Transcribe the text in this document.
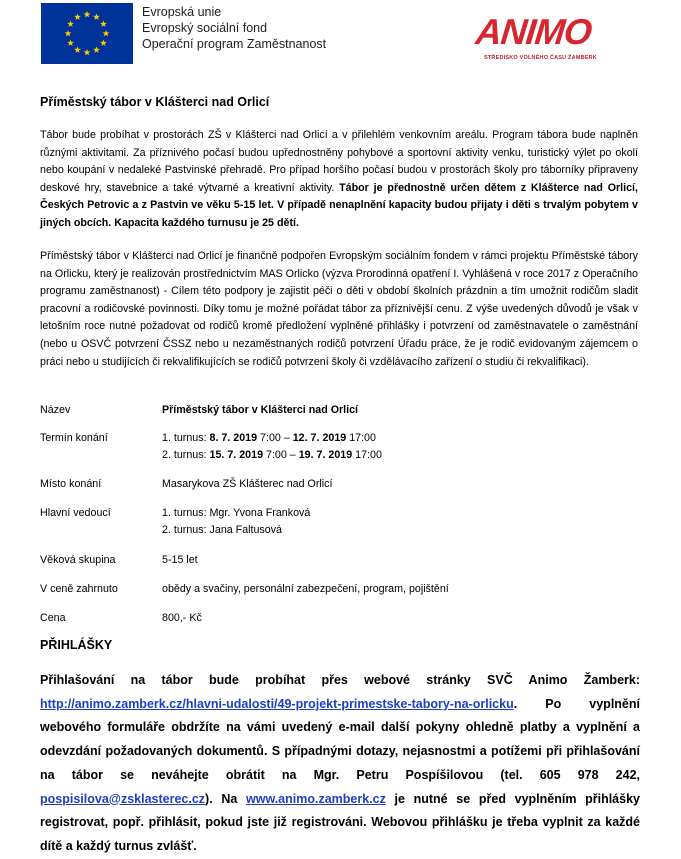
Evropská unie
Evropský sociální fond
Operační program Zaměstnanost	ANIMO
STŘEDISKO VOLNÉHO ČASU ŽAMBERK
Příměstský tábor v Klášterci nad Orlicí

Tábor bude probíhat v prostorách ZŠ v Klášterci nad Orlicí a v přilehlém venkovním areálu. Program tábora bude naplněn různými aktivitami. Za příznivého počasí budou upřednostněny pohybové a sportovní aktivity venku, turistický výlet po okolí nebo koupání v nedaleké Pastvinské přehradě. Pro případ horšího počasí budou v prostorách školy pro táborníky připraveny deskové hry, stavebnice a také výtvarné a kreativní aktivity. Tábor je přednostně určen dětem z Klášterce nad Orlicí, Českých Petrovic a z Pastvin ve věku 5-15 let. V případě nenaplnění kapacity budou přijaty i děti s trvalým pobytem v jiných obcích. Kapacita každého turnusu je 25 dětí.

Příměstský tábor v Klášterci nad Orlicí je finančně podpořen Evropským sociálním fondem v rámci projektu Příměstské tábory na Orlicku, který je realizován prostřednictvím MAS Orlicko (výzva Prorodinná opatření I. Vyhlášená v roce 2017 z Operačního programu zaměstnanost) - Cílem této podpory je zajistit péči o děti v období školních prázdnin a tím umožnit rodičům sladit pracovní a rodičovské povinnosti. Díky tomu je možné pořádat tábor za příznivější cenu. Z výše uvedených důvodů je však v letošním roce nutné požadovat od rodičů kromě předložení vyplněné přihlášky i potvrzení od zaměstnavatele o zaměstnání (nebo u OSVČ potvrzení ČSSZ nebo u nezaměstnaných rodičů potvrzení Úřadu práce, že je rodič evidovaným zájemcem o práci nebo u studijících či rekvalifikujících se rodičů potvrzení školy či vzdělávacího zařízení o studiu či rekvalifikaci).

Název	Příměstský tábor v Klášterci nad Orlicí
Termín konání	1. turnus: 8. 7. 2019 7:00 – 12. 7. 2019 17:00
2. turnus: 15. 7. 2019 7:00 – 19. 7. 2019 17:00
Místo konání	Masarykova ZŠ Klášterec nad Orlicí
Hlavní vedoucí	1. turnus: Mgr. Yvona Franková
2. turnus: Jana Faltusová
Věková skupina	5-15 let
V ceně zahrnuto	obědy a svačiny, personální zabezpečení, program, pojištění
Cena	800,- Kč
PŘIHLÁŠKY

Přihlašování na tábor bude probíhat přes webové stránky SVČ Animo Žamberk: http://animo.zamberk.cz/hlavni-udalosti/49-projekt-primestske-tabory-na-orlicku. Po vyplnění webového formuláře obdržíte na vámi uvedený e-mail další pokyny ohledně platby a vyplnění a odevzdání požadovaných dokumentů. S případnými dotazy, nejasnostmi a potížemi při přihlašování na tábor se neváhejte obrátit na Mgr. Petru Pospíšilovou (tel. 605 978 242, pospisilova@zsklasterec.cz). Na www.animo.zamberk.cz je nutné se před vyplněním přihlášky registrovat, popř. přihlásit, pokud jste již registrováni. Webovou přihlášku je třeba vyplnit za každé dítě a každý turnus zvlášť.
